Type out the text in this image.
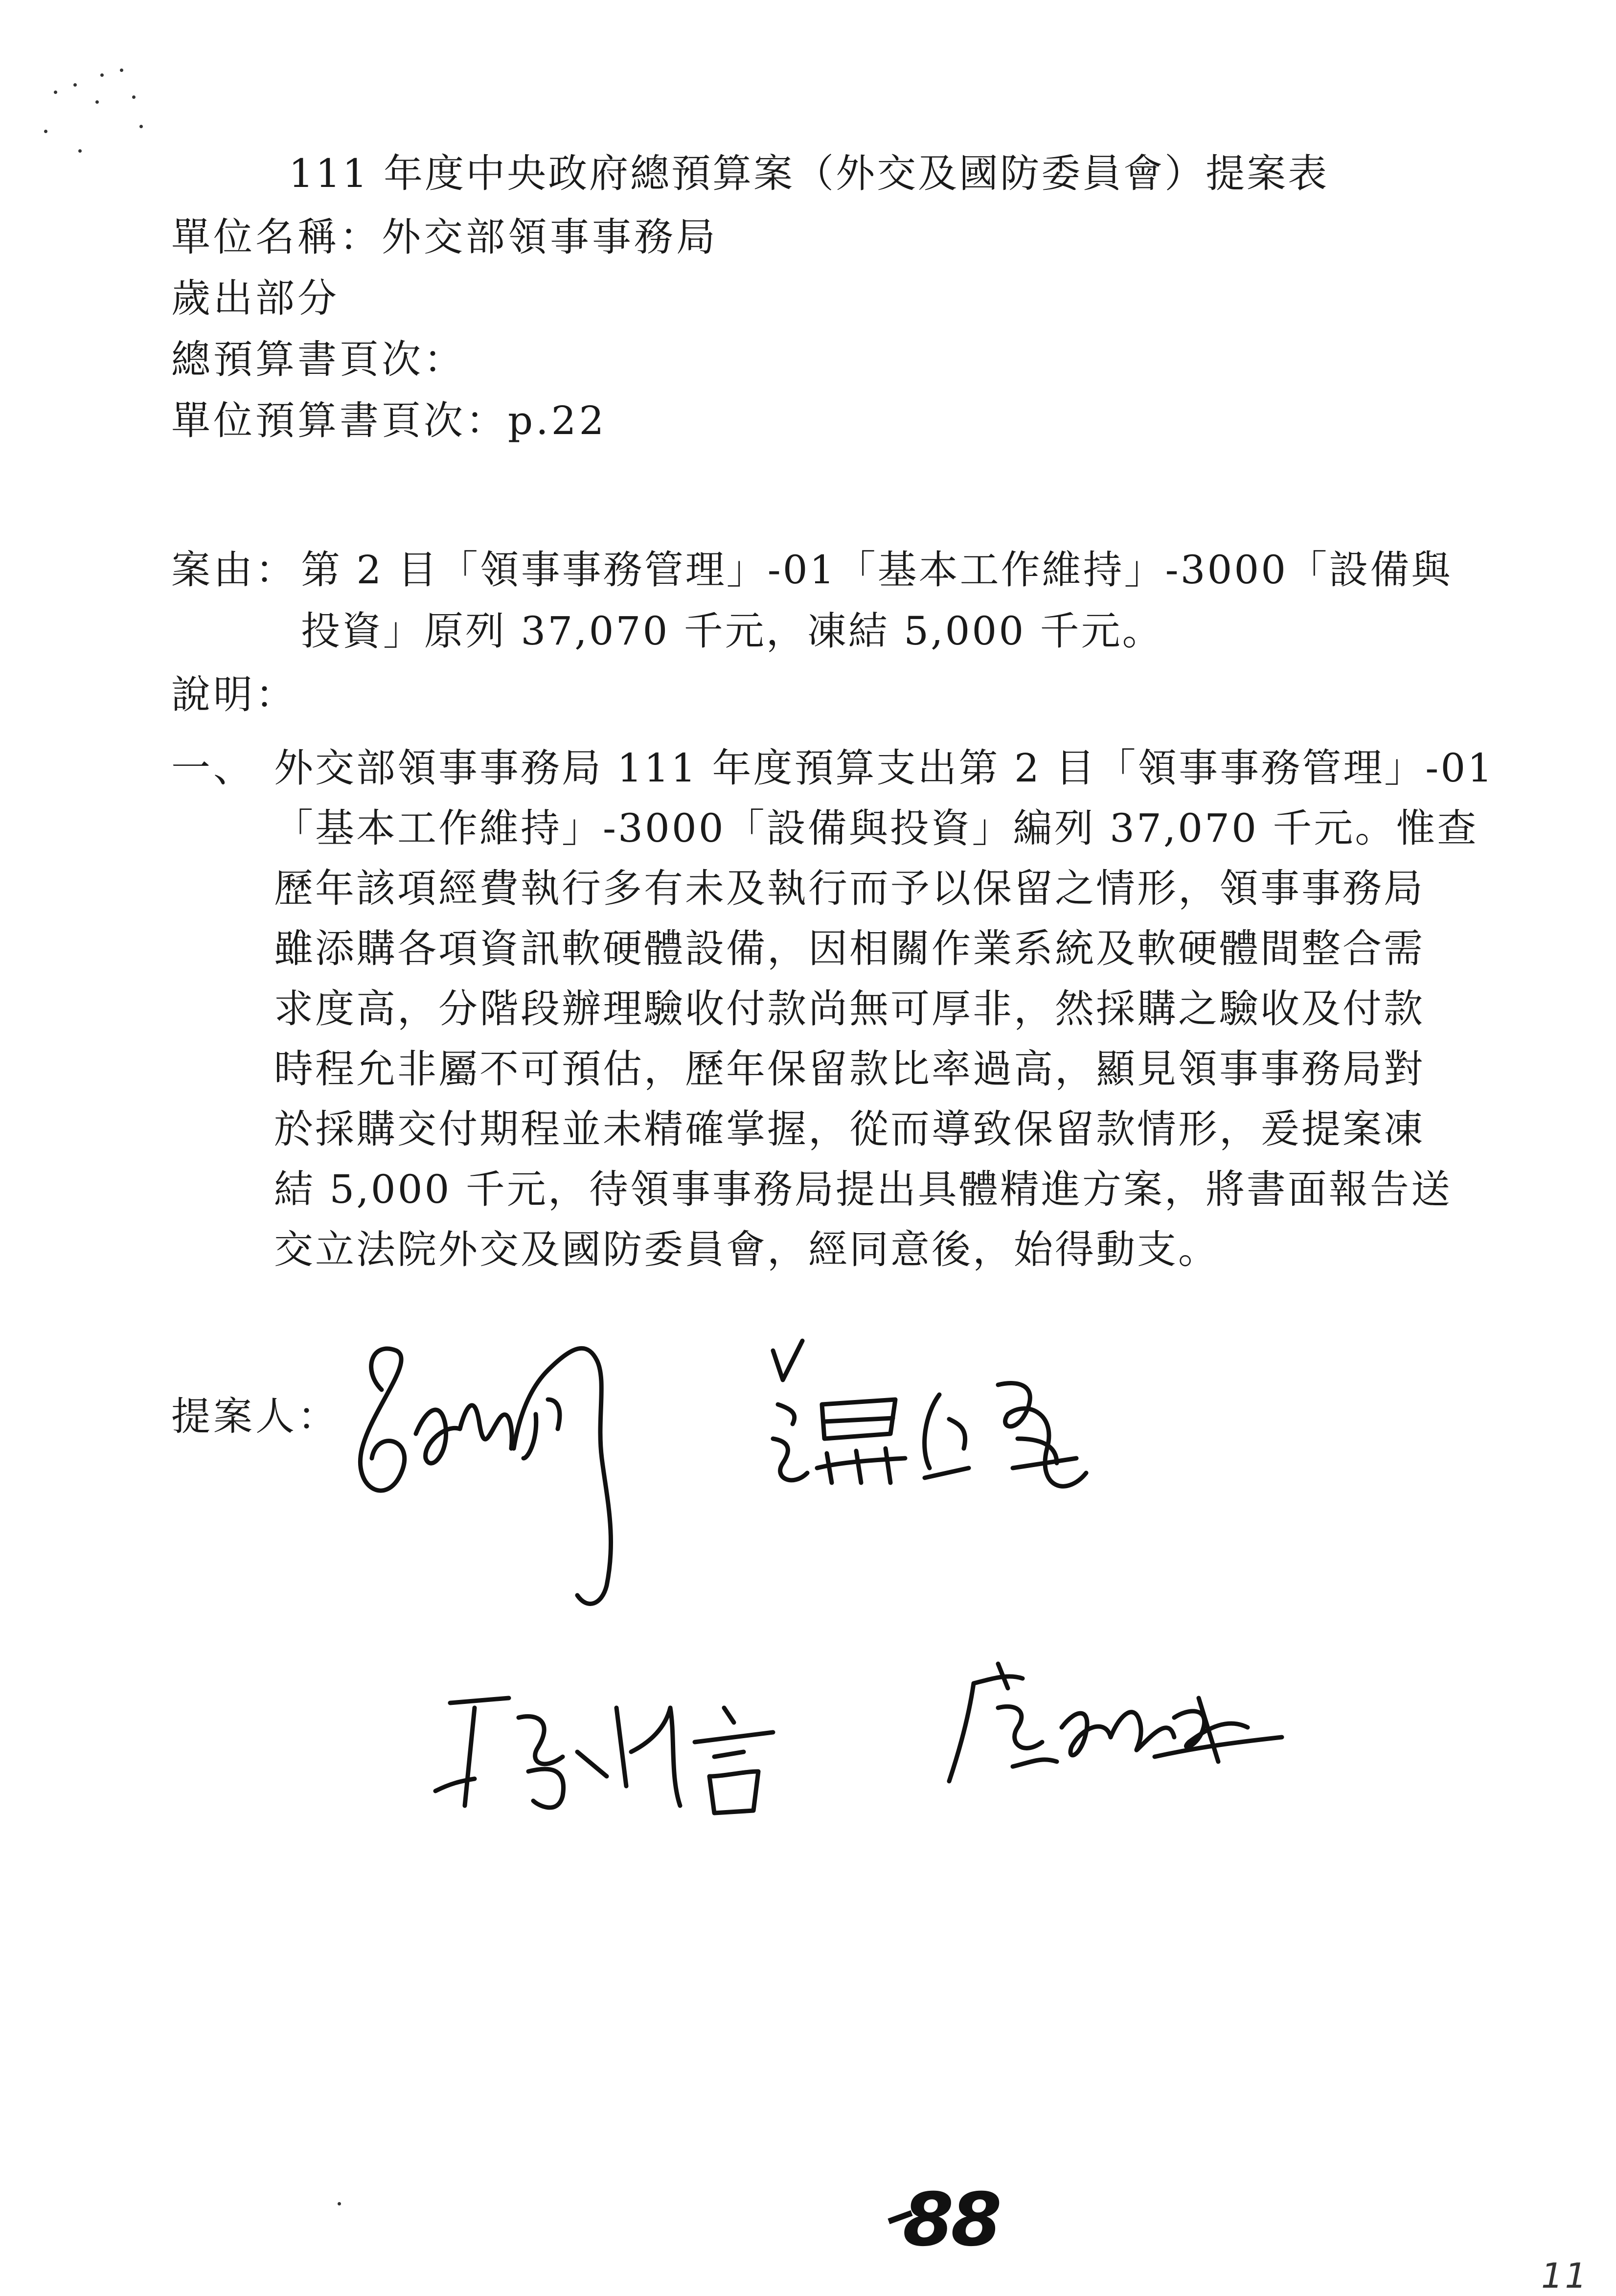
111 年度中央政府總預算案（外交及國防委員會）提案表
單位名稱：外交部領事事務局
歲出部分
總預算書頁次：
單位預算書頁次：p.22
案由： 第 2 目「領事事務管理」-01「基本工作維持」-3000「設備與
投資」原列 37,070 千元，凍結 5,000 千元。
說明：
一、 外交部領事事務局 111 年度預算支出第 2 目「領事事務管理」-01
「基本工作維持」-3000「設備與投資」編列 37,070 千元。惟查
歷年該項經費執行多有未及執行而予以保留之情形，領事事務局
雖添購各項資訊軟硬體設備，因相關作業系統及軟硬體間整合需
求度高，分階段辦理驗收付款尚無可厚非，然採購之驗收及付款
時程允非屬不可預估，歷年保留款比率過高，顯見領事事務局對
於採購交付期程並未精確掌握，從而導致保留款情形，爰提案凍
結 5,000 千元，待領事事務局提出具體精進方案，將書面報告送
交立法院外交及國防委員會，經同意後，始得動支。
提案人：
88
11
